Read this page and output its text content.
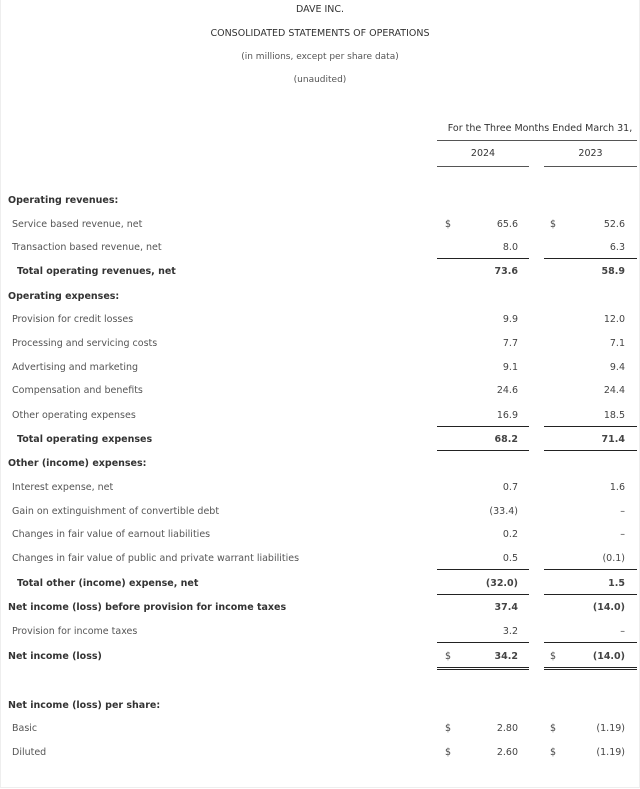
DAVE INC.
CONSOLIDATED STATEMENTS OF OPERATIONS
(in millions, except per share data)
(unaudited)
For the Three Months Ended March 31,
2024	2023
Operating revenues:
Service based revenue, net	$	65.6	$	52.6
Transaction based revenue, net	8.0	6.3
Total operating revenues, net	73.6	58.9
Operating expenses:
Provision for credit losses	9.9	12.0
Processing and servicing costs	7.7	7.1
Advertising and marketing	9.1	9.4
Compensation and benefits	24.6	24.4
Other operating expenses	16.9	18.5
Total operating expenses	68.2	71.4
Other (income) expenses:
Interest expense, net	0.7	1.6
Gain on extinguishment of convertible debt	(33.4)	–
Changes in fair value of earnout liabilities	0.2	–
Changes in fair value of public and private warrant liabilities	0.5	(0.1)
Total other (income) expense, net	(32.0)	1.5
Net income (loss) before provision for income taxes	37.4	(14.0)
Provision for income taxes	3.2	–
Net income (loss)	$	34.2	$	(14.0)
Net income (loss) per share:
Basic	$	2.80	$	(1.19)
Diluted	$	2.60	$	(1.19)
